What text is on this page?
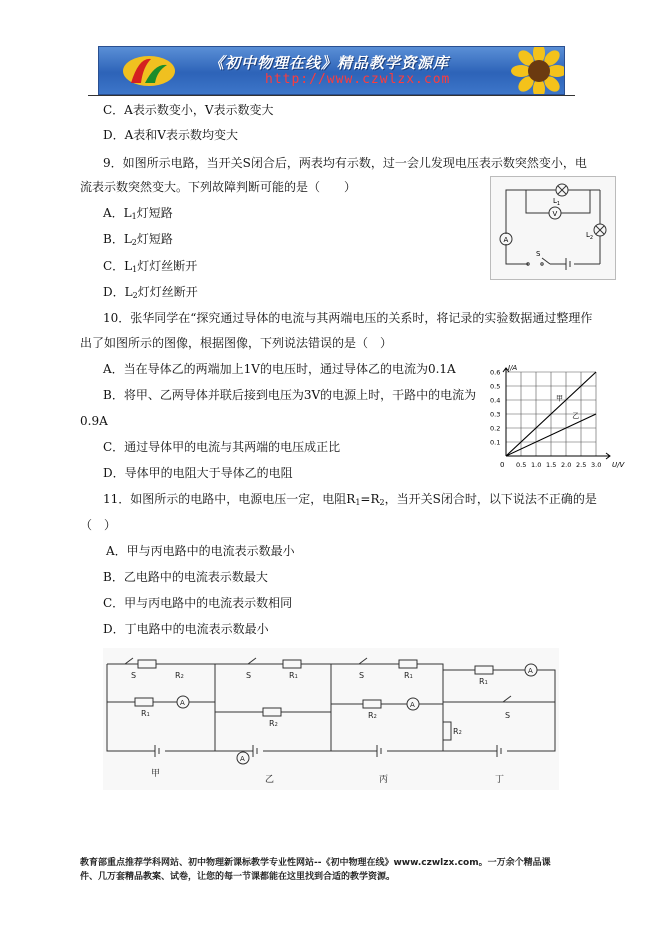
《初中物理在线》精品教学资源库
http://www.czwlzx.com
C．A表示数变小，V表示数变大
D．A表和V表示数均变大
9．如图所示电路，当开关S闭合后，两表均有示数，过一会儿发现电压表示数突然变小，电
流表示数突然变大。下列故障判断可能的是（　　）
A．$L_1$灯短路
B．$L_2$灯短路
C．$L_1$灯灯丝断开
D．$L_2$灯灯丝断开
$L_1$
$L_2$
V
A
S
10．张华同学在“探究通过导体的电流与其两端电压的关系时，将记录的实验数据通过整理作
出了如图所示的图像，根据图像，下列说法错误的是（　）
A．当在导体乙的两端加上1V的电压时，通过导体乙的电流为0.1A
B．将甲、乙两导体并联后接到电压为3V的电源上时，干路中的电流为
0.9A
C．通过导体甲的电流与其两端的电压成正比
D．导体甲的电阻大于导体乙的电阻
0.5 1.0 1.5 2.0 2.5 3.0
0.1
0.2
0.3
0.4
0.5
0.6
甲
乙
I/A
U/V
0
11．如图所示的电路中，电源电压一定，电阻$R_1=R_2$，当开关S闭合时，以下说法不正确的是
（　）
A．甲与丙电路中的电流表示数最小
B．乙电路中的电流表示数最大
C．甲与丙电路中的电流表示数相同
D．丁电路中的电流表示数最小
S	R2
R1
A
甲
S	R1
R2
A
乙
S	R1
R2
A
丙
R1
A
S
R2
丁
教育部重点推荐学科网站、初中物理新课标教学专业性网站--《初中物理在线》www.czwlzx.com。一万余个精品课
件、几万套精品教案、试卷，让您的每一节课都能在这里找到合适的教学资源。
